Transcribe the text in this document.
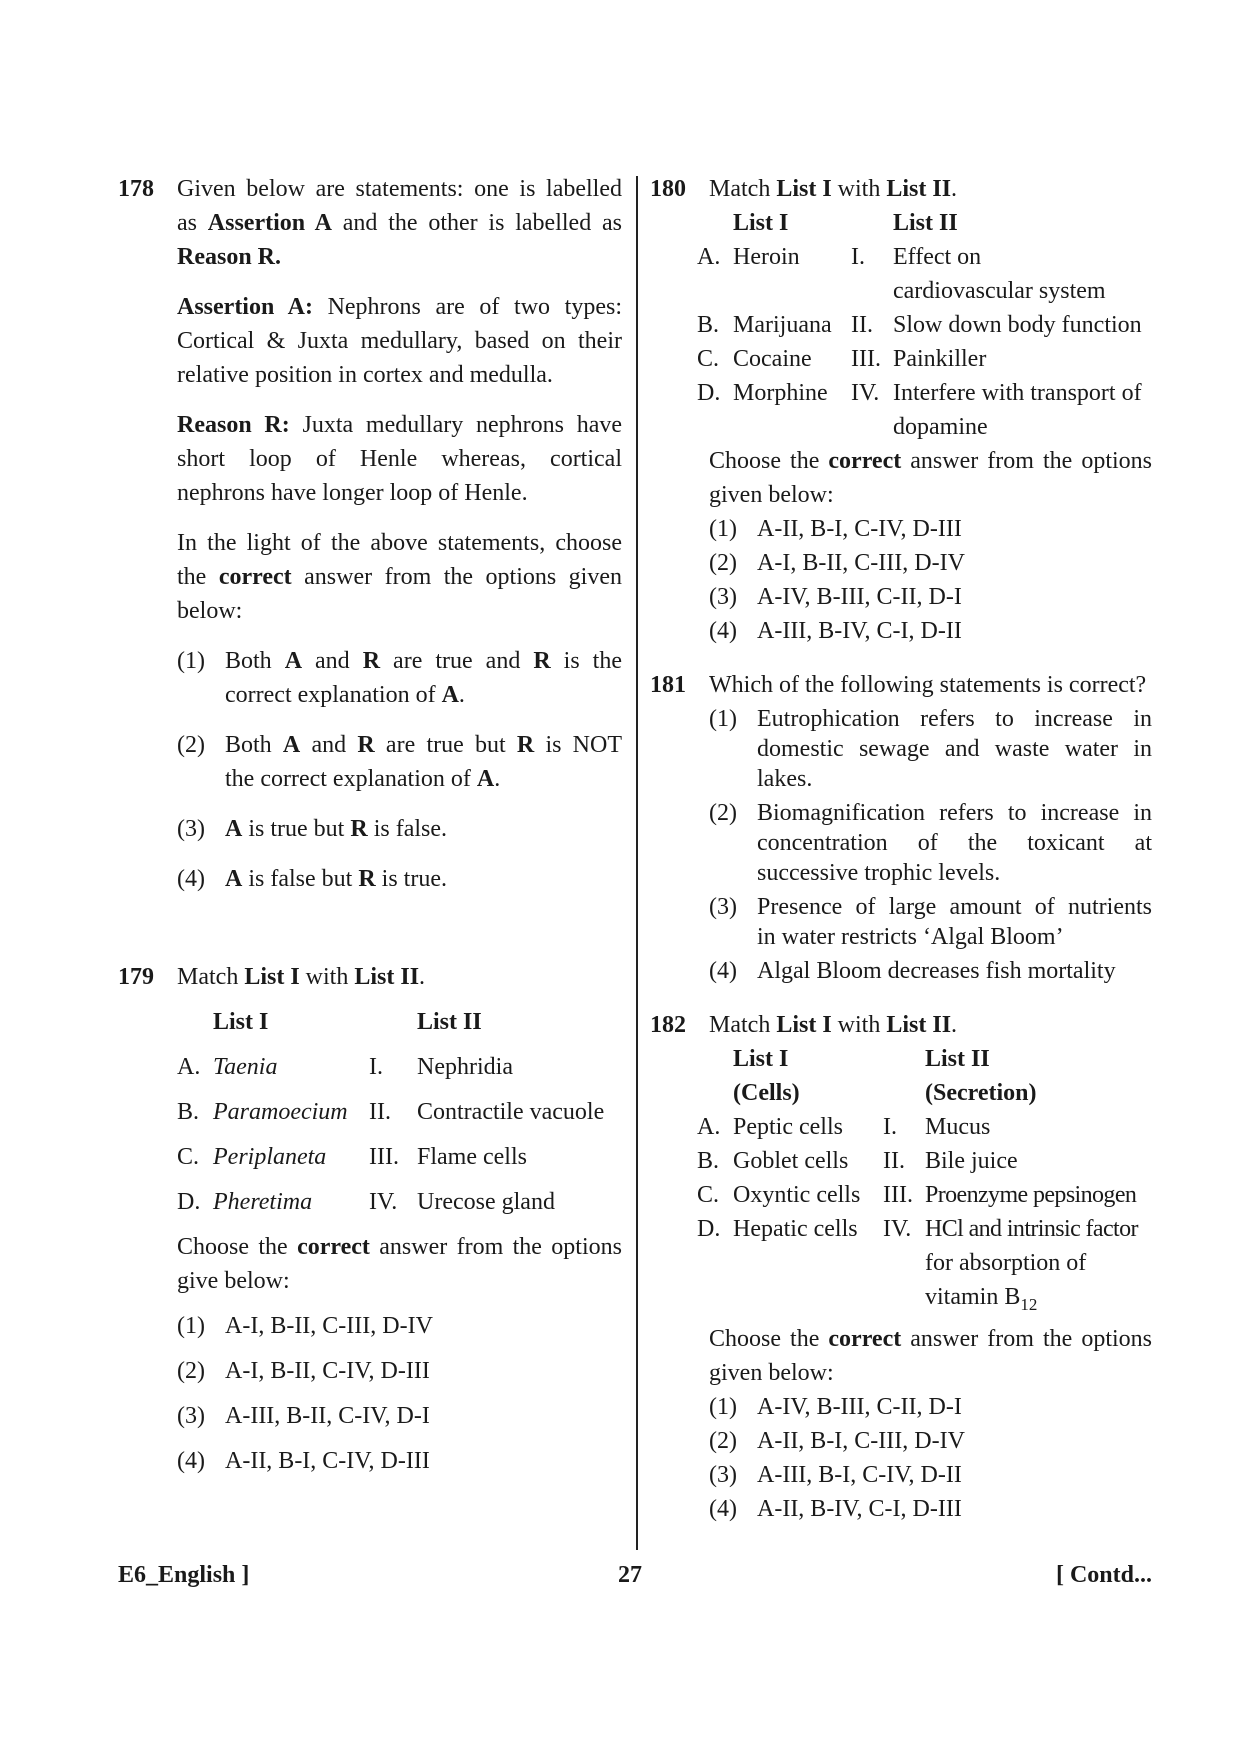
178 Given below are statements: one is labelled
as Assertion A and the other is labelled as
Reason R.
Assertion A: Nephrons are of two types:
Cortical & Juxta medullary, based on their
relative position in cortex and medulla.
Reason R: Juxta medullary nephrons have
short loop of Henle whereas, cortical
nephrons have longer loop of Henle.
In the light of the above statements, choose
the correct answer from the options given
below:
(1) Both A and R are true and R is the
correct explanation of A.
(2) Both A and R are true but R is NOT
the correct explanation of A.
(3) A is true but R is false.
(4) A is false but R is true.
179 Match List I with List II.
List I	List II
A. Taenia	I.	Nephridia
B. Paramoecium II.	Contractile vacuole
C. Periplaneta	III. Flame cells
D. Pheretima	IV. Urecose gland
Choose the correct answer from the options
give below:
(1) A-I, B-II, C-III, D-IV
(2) A-I, B-II, C-IV, D-III
(3) A-III, B-II, C-IV, D-I
(4) A-II, B-I, C-IV, D-III
180 Match List I with List II.
List I	List II
A. Heroin	I.	Effect on
cardiovascular system
B. Marijuana II. Slow down body function
C. Cocaine	III. Painkiller
D. Morphine IV. Interfere with transport of
dopamine
Choose the correct answer from the options
given below:
(1) A-II, B-I, C-IV, D-III
(2) A-I, B-II, C-III, D-IV
(3) A-IV, B-III, C-II, D-I
(4) A-III, B-IV, C-I, D-II
181 Which of the following statements is correct?
(1) Eutrophication refers to increase in
domestic sewage and waste water in
lakes.
(2) Biomagnification refers to increase in
concentration of the toxicant at
successive trophic levels.
(3) Presence of large amount of nutrients
in water restricts ‘Algal Bloom’
(4) Algal Bloom decreases fish mortality
182 Match List I with List II.
List I	List II
(Cells)	(Secretion)
A. Peptic cells	I.	Mucus
B. Goblet cells	II. Bile juice
C. Oxyntic cells III. Proenzyme pepsinogen
D. Hepatic cells	IV. HCl and intrinsic factor
for absorption of
vitamin $B_{12}$
Choose the correct answer from the options
given below:
(1) A-IV, B-III, C-II, D-I
(2) A-II, B-I, C-III, D-IV
(3) A-III, B-I, C-IV, D-II
(4) A-II, B-IV, C-I, D-III
E6_English ]	27	[ Contd...
